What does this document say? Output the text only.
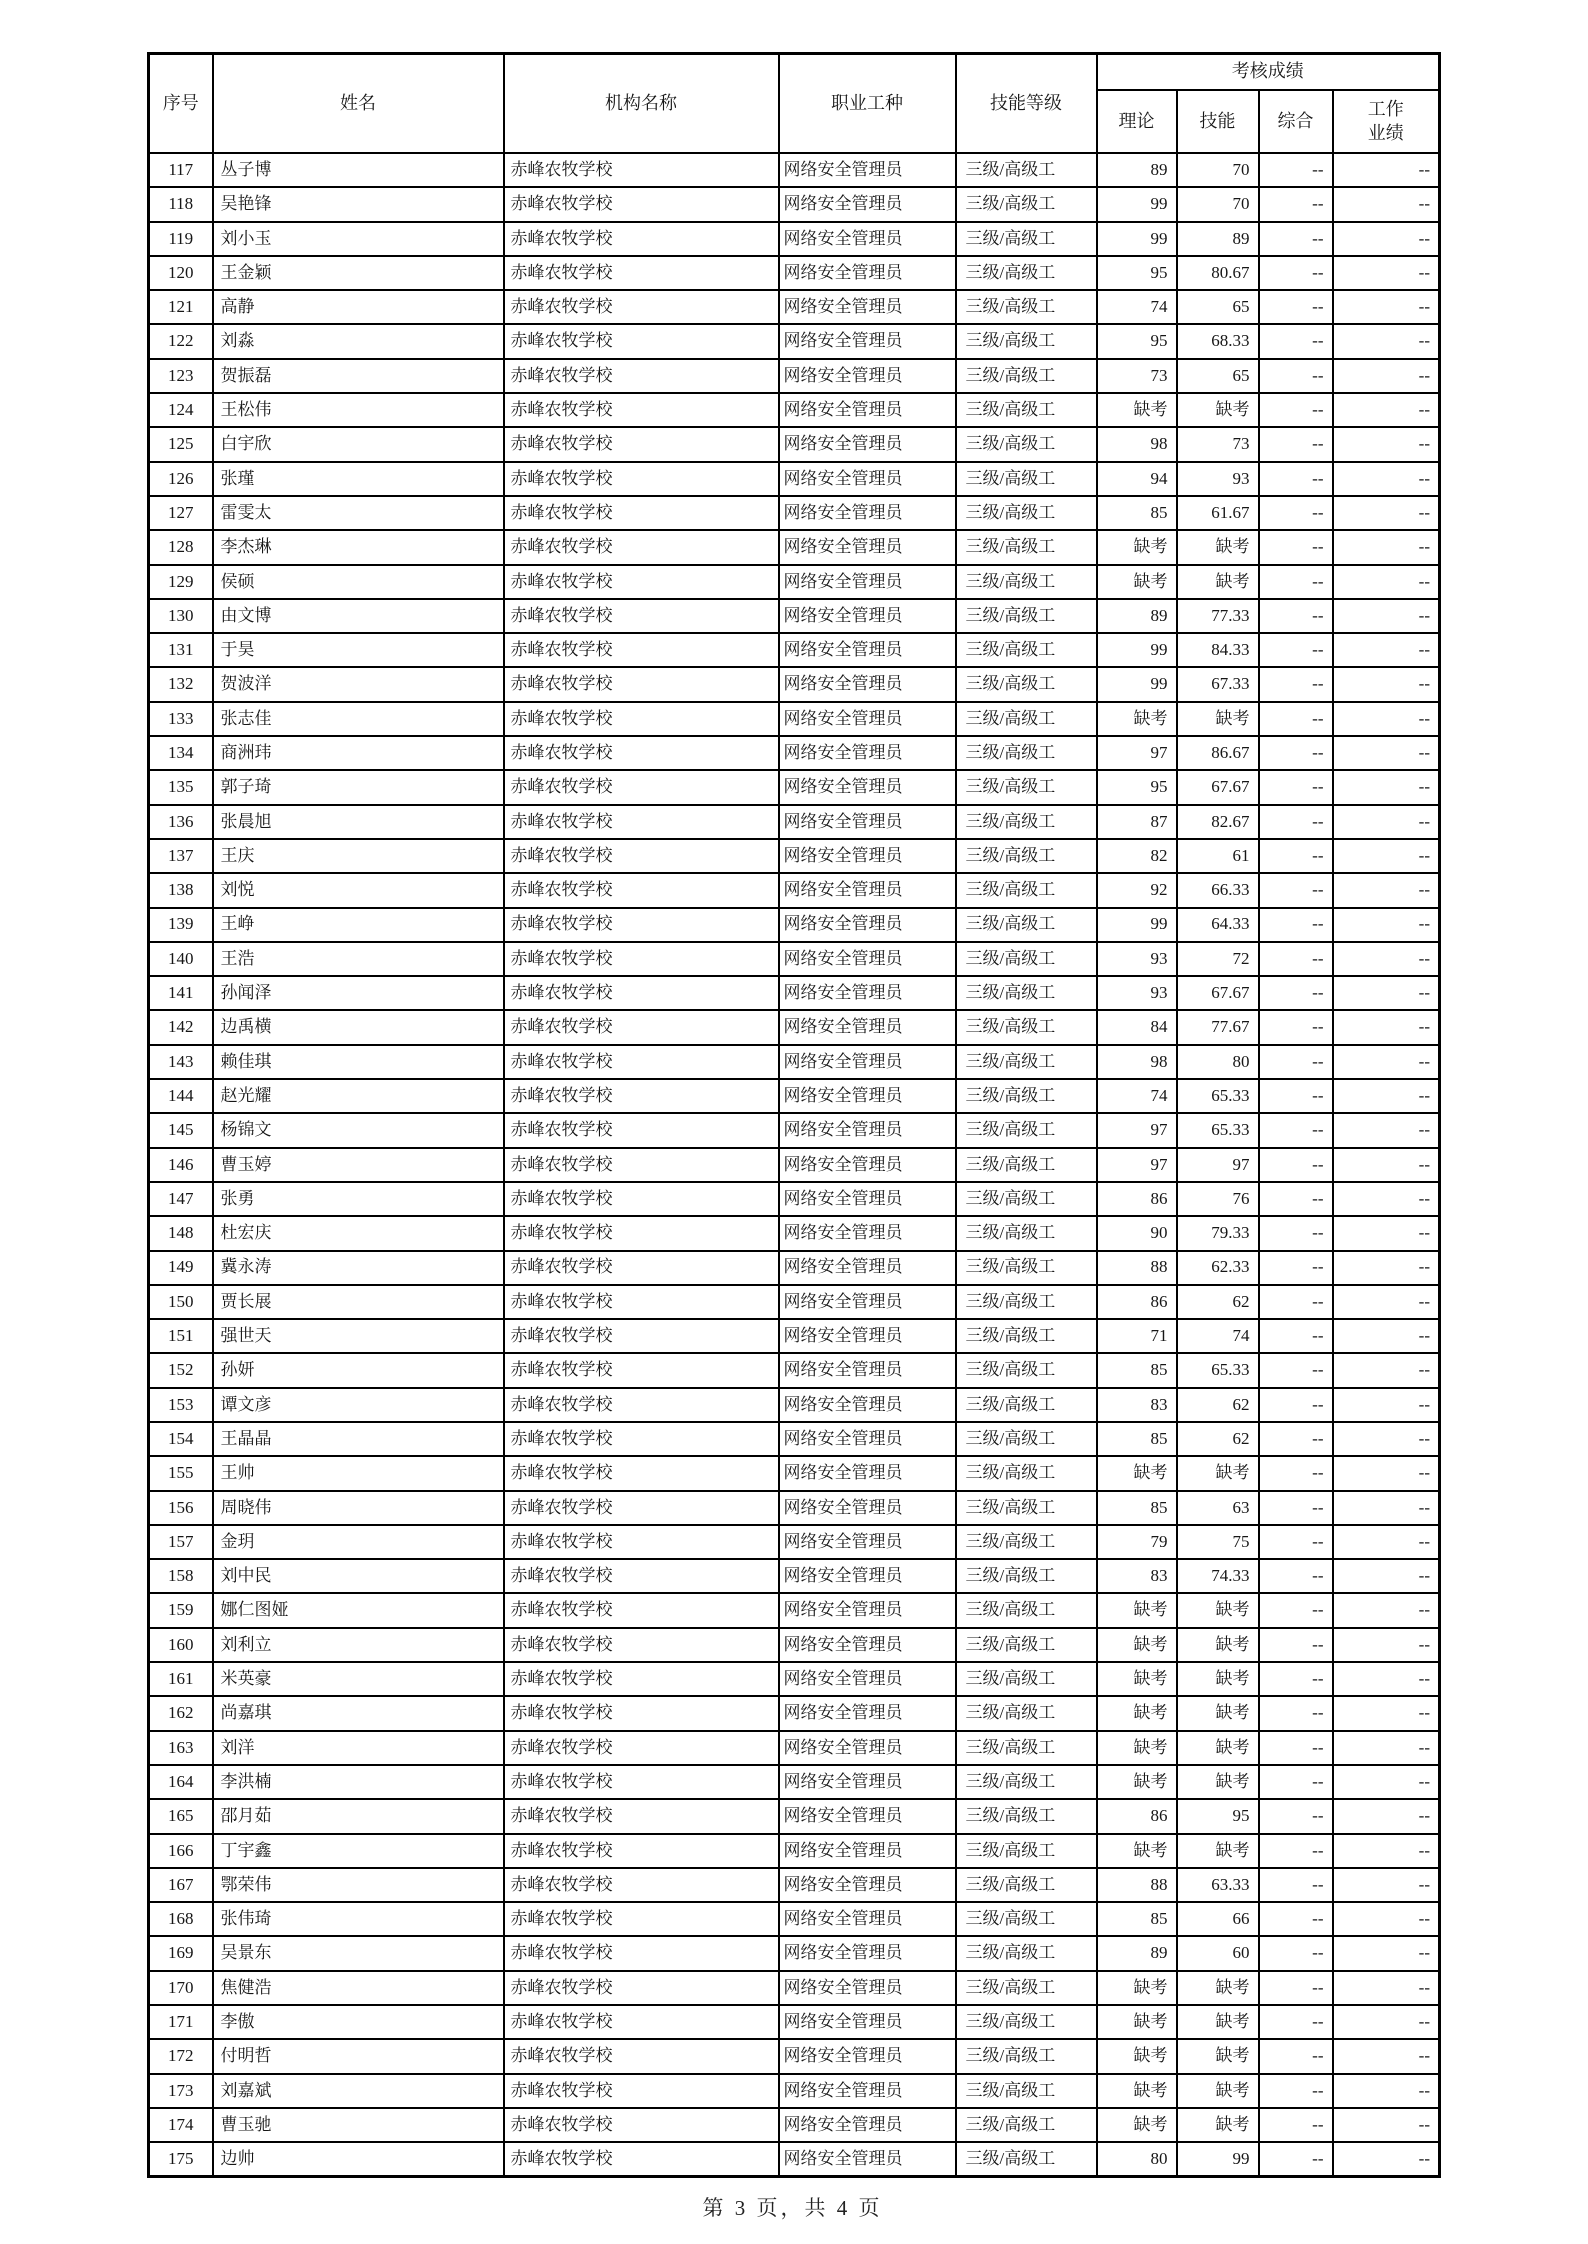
序号	姓名	机构名称	职业工种	技能等级	考核成绩			
					理论	技能	综合	工作业绩
117	丛子博	赤峰农牧学校	网络安全管理员	三级/高级工	89	70	--	--
118	吴艳锋	赤峰农牧学校	网络安全管理员	三级/高级工	99	70	--	--
119	刘小玉	赤峰农牧学校	网络安全管理员	三级/高级工	99	89	--	--
120	王金颖	赤峰农牧学校	网络安全管理员	三级/高级工	95	80.67	--	--
121	高静	赤峰农牧学校	网络安全管理员	三级/高级工	74	65	--	--
122	刘淼	赤峰农牧学校	网络安全管理员	三级/高级工	95	68.33	--	--
123	贺振磊	赤峰农牧学校	网络安全管理员	三级/高级工	73	65	--	--
124	王松伟	赤峰农牧学校	网络安全管理员	三级/高级工	缺考	缺考	--	--
125	白宇欣	赤峰农牧学校	网络安全管理员	三级/高级工	98	73	--	--
126	张瑾	赤峰农牧学校	网络安全管理员	三级/高级工	94	93	--	--
127	雷雯太	赤峰农牧学校	网络安全管理员	三级/高级工	85	61.67	--	--
128	李杰琳	赤峰农牧学校	网络安全管理员	三级/高级工	缺考	缺考	--	--
129	侯硕	赤峰农牧学校	网络安全管理员	三级/高级工	缺考	缺考	--	--
130	由文博	赤峰农牧学校	网络安全管理员	三级/高级工	89	77.33	--	--
131	于昊	赤峰农牧学校	网络安全管理员	三级/高级工	99	84.33	--	--
132	贺波洋	赤峰农牧学校	网络安全管理员	三级/高级工	99	67.33	--	--
133	张志佳	赤峰农牧学校	网络安全管理员	三级/高级工	缺考	缺考	--	--
134	商洲玮	赤峰农牧学校	网络安全管理员	三级/高级工	97	86.67	--	--
135	郭子琦	赤峰农牧学校	网络安全管理员	三级/高级工	95	67.67	--	--
136	张晨旭	赤峰农牧学校	网络安全管理员	三级/高级工	87	82.67	--	--
137	王庆	赤峰农牧学校	网络安全管理员	三级/高级工	82	61	--	--
138	刘悦	赤峰农牧学校	网络安全管理员	三级/高级工	92	66.33	--	--
139	王峥	赤峰农牧学校	网络安全管理员	三级/高级工	99	64.33	--	--
140	王浩	赤峰农牧学校	网络安全管理员	三级/高级工	93	72	--	--
141	孙闻泽	赤峰农牧学校	网络安全管理员	三级/高级工	93	67.67	--	--
142	边禹横	赤峰农牧学校	网络安全管理员	三级/高级工	84	77.67	--	--
143	赖佳琪	赤峰农牧学校	网络安全管理员	三级/高级工	98	80	--	--
144	赵光耀	赤峰农牧学校	网络安全管理员	三级/高级工	74	65.33	--	--
145	杨锦文	赤峰农牧学校	网络安全管理员	三级/高级工	97	65.33	--	--
146	曹玉婷	赤峰农牧学校	网络安全管理员	三级/高级工	97	97	--	--
147	张勇	赤峰农牧学校	网络安全管理员	三级/高级工	86	76	--	--
148	杜宏庆	赤峰农牧学校	网络安全管理员	三级/高级工	90	79.33	--	--
149	冀永涛	赤峰农牧学校	网络安全管理员	三级/高级工	88	62.33	--	--
150	贾长展	赤峰农牧学校	网络安全管理员	三级/高级工	86	62	--	--
151	强世天	赤峰农牧学校	网络安全管理员	三级/高级工	71	74	--	--
152	孙妍	赤峰农牧学校	网络安全管理员	三级/高级工	85	65.33	--	--
153	谭文彦	赤峰农牧学校	网络安全管理员	三级/高级工	83	62	--	--
154	王晶晶	赤峰农牧学校	网络安全管理员	三级/高级工	85	62	--	--
155	王帅	赤峰农牧学校	网络安全管理员	三级/高级工	缺考	缺考	--	--
156	周晓伟	赤峰农牧学校	网络安全管理员	三级/高级工	85	63	--	--
157	金玥	赤峰农牧学校	网络安全管理员	三级/高级工	79	75	--	--
158	刘中民	赤峰农牧学校	网络安全管理员	三级/高级工	83	74.33	--	--
159	娜仁图娅	赤峰农牧学校	网络安全管理员	三级/高级工	缺考	缺考	--	--
160	刘利立	赤峰农牧学校	网络安全管理员	三级/高级工	缺考	缺考	--	--
161	米英豪	赤峰农牧学校	网络安全管理员	三级/高级工	缺考	缺考	--	--
162	尚嘉琪	赤峰农牧学校	网络安全管理员	三级/高级工	缺考	缺考	--	--
163	刘洋	赤峰农牧学校	网络安全管理员	三级/高级工	缺考	缺考	--	--
164	李洪楠	赤峰农牧学校	网络安全管理员	三级/高级工	缺考	缺考	--	--
165	邵月茹	赤峰农牧学校	网络安全管理员	三级/高级工	86	95	--	--
166	丁宇鑫	赤峰农牧学校	网络安全管理员	三级/高级工	缺考	缺考	--	--
167	鄂荣伟	赤峰农牧学校	网络安全管理员	三级/高级工	88	63.33	--	--
168	张伟琦	赤峰农牧学校	网络安全管理员	三级/高级工	85	66	--	--
169	吴景东	赤峰农牧学校	网络安全管理员	三级/高级工	89	60	--	--
170	焦健浩	赤峰农牧学校	网络安全管理员	三级/高级工	缺考	缺考	--	--
171	李傲	赤峰农牧学校	网络安全管理员	三级/高级工	缺考	缺考	--	--
172	付明哲	赤峰农牧学校	网络安全管理员	三级/高级工	缺考	缺考	--	--
173	刘嘉斌	赤峰农牧学校	网络安全管理员	三级/高级工	缺考	缺考	--	--
174	曹玉驰	赤峰农牧学校	网络安全管理员	三级/高级工	缺考	缺考	--	--
175	边帅	赤峰农牧学校	网络安全管理员	三级/高级工	80	99	--	--
第 3 页，共 4 页
